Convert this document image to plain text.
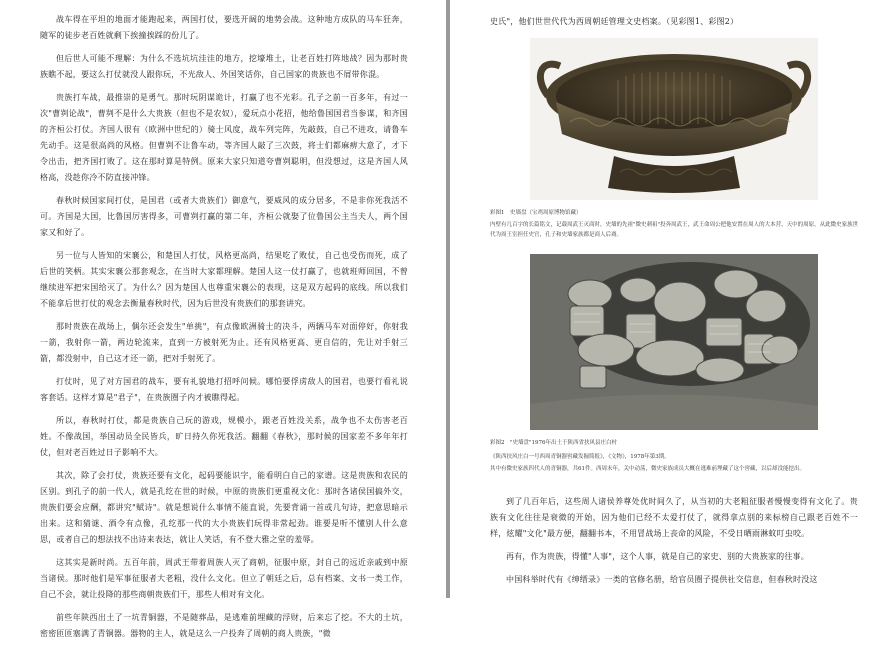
战车得在平坦的地面才能跑起来，两国打仗，要选开阔的地势会战。这种地方成队的马车狂奔，随军的徒步老百姓就剩下挨撞挨踩的份儿了。

但后世人可能不理解：为什么不选坑坑洼洼的地方，挖壕堆土，让老百姓打阵地战？因为那时贵族瞧不起，要这么打仗就没人跟你玩，不光敌人、外国笑话你，自己国家的贵族也不屑带你混。

贵族打车战，最推崇的是勇气。那时玩阴谋诡计，打赢了也不光彩。孔子之前一百多年，有过一次"曹刿论战"，曹刿不是什么大贵族（但也不是农奴），爱玩点小花招，他给鲁国国君当参谋，和齐国的齐桓公打仗。齐国人很有（欧洲中世纪的）骑士风度，战车列完阵，先敲鼓，自己不进攻，请鲁车先动手。这是很高尚的风格。但曹刿不让鲁车动，等齐国人敲了三次鼓，将士们都麻痹大意了，才下令出击，把齐国打败了。这在那时算是特例。原来大家只知道夸曹刿聪明，但没想过，这是齐国人风格高，没趁你冷不防直接冲锋。

春秋时候国家间打仗，是国君（或者大贵族们）御意气，要威风的成分居多，不是非你死我活不可。齐国是大国，比鲁国厉害得多，可曹刿打赢的第二年，齐桓公就娶了位鲁国公主当夫人，两个国家又和好了。

另一位与人皆知的宋襄公，和楚国人打仗，风格更高尚，结果吃了败仗，自己也受伤而死，成了后世的笑柄。其实宋襄公那套观念，在当时大家都理解。楚国人这一仗打赢了，也就班师回国，不曾继续进军把宋国给灭了。为什么？因为楚国人也尊重宋襄公的表现，这是双方起码的底线。所以我们不能拿后世打仗的观念去衡量春秋时代，因为后世没有贵族们的那套讲究。

那时贵族在战场上，偶尔还会发生"单挑"，有点像欧洲骑士的决斗，两辆马车对面停好，你射我一箭，我射你一箭，两边轮流来，直到一方被射死为止。还有风格更高、更自信的，先让对手射三箭，都没射中，自己这才还一箭，把对手射死了。

打仗时，见了对方国君的战车，要有礼貌地打招呼问候。哪怕要俘虏敌人的国君，也要行看礼说客套话。这样才算是"君子"，在贵族圈子内才被瞧得起。

所以，春秋时打仗，都是贵族自己玩的游戏，规模小，跟老百姓没关系，战争也不太伤害老百姓。不像战国，举国动员全民皆兵，旷日持久你死我活。翻翻《春秋》，那时候的国家差不多年年打仗，但对老百姓过日子影响不大。

其次，除了会打仗，贵族还要有文化，起码要能识字，能看明白自己的家谱。这是贵族和农民的区别。到孔子的前一代人，就是孔纥在世的时候，中原的贵族们更重视文化：那时各诸侯国搞外交，贵族们要会应酬，都讲究"赋诗"。就是想说什么事情不能直说，先要背诵一首或几句诗，把意思暗示出来。这和猜谜、酒令有点像，孔纥那一代的大小贵族们玩得非常起劲。谁要是听不懂别人什么意思，或者自己的想法找不出诗来表达，就让人笑话，有不登大雅之堂的羞辱。

这其实是新时尚。五百年前，周武王带着周族人灭了商朝，征服中原，封自己的远近亲戚到中原当诸侯。那时他们是军事征服者大老粗，没什么文化。但立了朝廷之后，总有档案、文书一类工作，自己不会，就让投降的那些商朝贵族们干，那些人相对有文化。

前些年陕西出土了一坑青铜器，不是随葬品，是逃难前埋藏的浮财，后来忘了挖。不大的土坑，密密匝匝塞满了青铜器。器物的主人，就是这么一户投奔了周朝的商人贵族，"微

史氏"，他们世世代代为西周朝廷管理文史档案。（见彩图1、彩图2）

彩图1　史墙盘（宝鸡周原博物馆藏）
内壁有几百字的长篇铭文，记载周武王灭商时，史墙的先祖"微史刺祖"投奔周武王，武王命周公把他安置在周人的大本营，天中的周原。从此微史家族世代为周王室担任史官，孔子和史墙家族都是商人后裔。
彩图2　"史墙盘"1976年出土于陕西省扶风县庄白村
《陕西扶风庄白一号西周青铜器窖藏发掘简报》，《文物》，1978年第3期。
其中有微史家族四代人的青铜器，共61件。西周末年，关中动荡，微史家族成员大概在逃难前埋藏了这个窖藏，以后却没能挖出。

到了几百年后，这些周人诸侯养尊处优时间久了，从当初的大老粗征服者慢慢变得有文化了。贵族有文化往往是衰微的开始，因为他们已经不太爱打仗了，就得拿点别的来标榜自己跟老百姓不一样，炫耀"文化"最方便，翻翻书本，不用冒战场上丧命的风险，不受日晒雨淋蚊叮虫咬。

再有，作为贵族，得懂"人事"，这个人事，就是自己的家史、别的大贵族家的往事。

中国科举时代有《绅缙录》一类的官修名册，给官员圈子提供社交信息，但春秋时没这
